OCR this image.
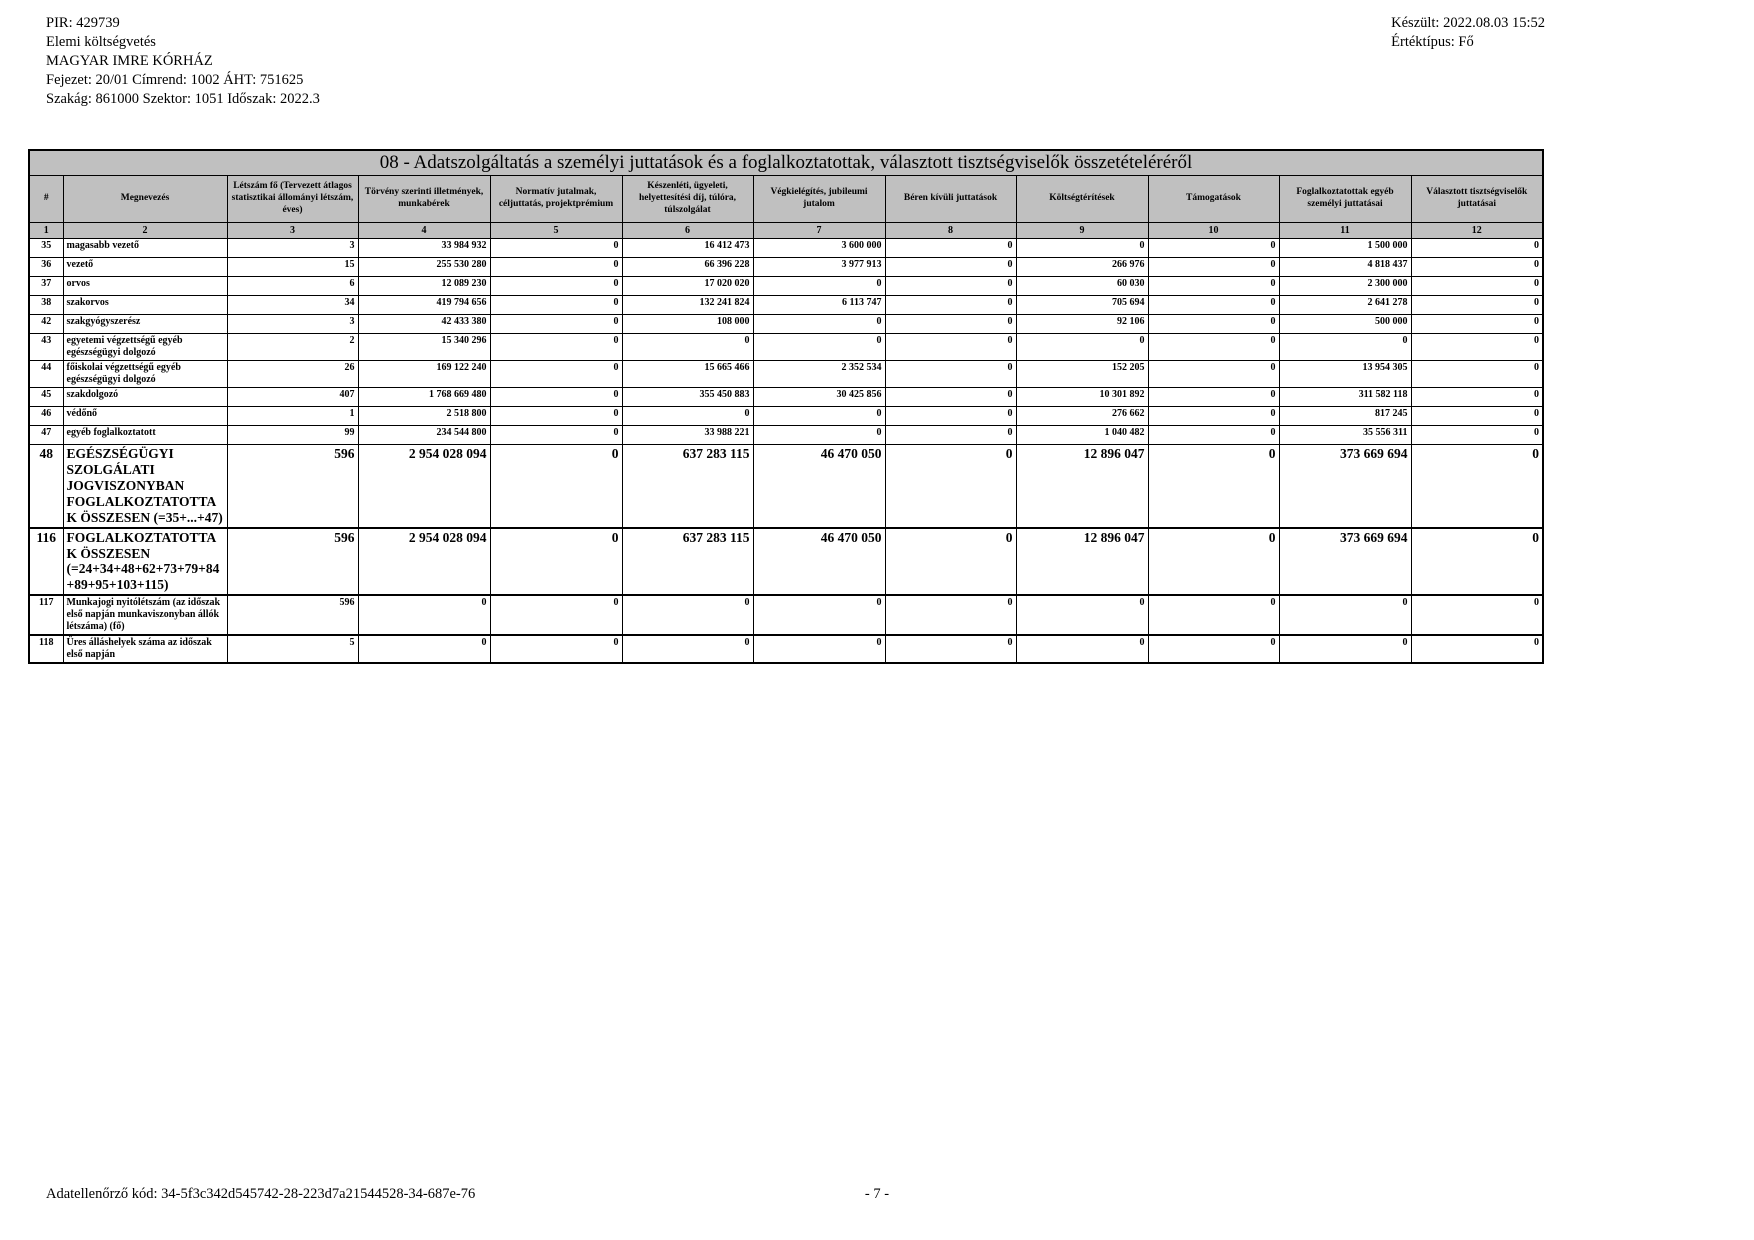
PIR: 429739
Elemi költségvetés
MAGYAR IMRE KÓRHÁZ
Fejezet: 20/01 Címrend: 1002 ÁHT: 751625
Szakág: 861000 Szektor: 1051 Időszak: 2022.3
Készült: 2022.08.03 15:52
Értéktípus: Fő
08 - Adatszolgáltatás a személyi juttatások és a foglalkoztatottak, választott tisztségviselők összetételéréről											
#	Megnevezés	Létszám fő (Tervezett átlagos statisztikai állományi létszám, éves)	Törvény szerinti illetmények, munkabérek	Normatív jutalmak, céljuttatás, projektprémium	Készenléti, ügyeleti, helyettesítési díj, túlóra, túlszolgálat	Végkielégítés, jubileumi jutalom	Béren kívüli juttatások	Költségtérítések	Támogatások	Foglalkoztatottak egyéb személyi juttatásai	Választott tisztségviselők juttatásai
1	2	3	4	5	6	7	8	9	10	11	12
35	magasabb vezető	3	33 984 932	0	16 412 473	3 600 000	0	0	0	1 500 000	0
36	vezető	15	255 530 280	0	66 396 228	3 977 913	0	266 976	0	4 818 437	0
37	orvos	6	12 089 230	0	17 020 020	0	0	60 030	0	2 300 000	0
38	szakorvos	34	419 794 656	0	132 241 824	6 113 747	0	705 694	0	2 641 278	0
42	szakgyógyszerész	3	42 433 380	0	108 000	0	0	92 106	0	500 000	0
43	egyetemi végzettségű egyéb egészségügyi dolgozó	2	15 340 296	0	0	0	0	0	0	0	0
44	főiskolai végzettségű egyéb egészségügyi dolgozó	26	169 122 240	0	15 665 466	2 352 534	0	152 205	0	13 954 305	0
45	szakdolgozó	407	1 768 669 480	0	355 450 883	30 425 856	0	10 301 892	0	311 582 118	0
46	védőnő	1	2 518 800	0	0	0	0	276 662	0	817 245	0
47	egyéb foglalkoztatott	99	234 544 800	0	33 988 221	0	0	1 040 482	0	35 556 311	0
48	EGÉSZSÉGÜGYI SZOLGÁLATI JOGVISZONYBAN FOGLALKOZTATOTTAK ÖSSZESEN (=35+...+47)	596	2 954 028 094	0	637 283 115	46 470 050	0	12 896 047	0	373 669 694	0
116	FOGLALKOZTATOTTAK ÖSSZESEN (=24+34+48+62+73+79+84+89+95+103+115)	596	2 954 028 094	0	637 283 115	46 470 050	0	12 896 047	0	373 669 694	0
117	Munkajogi nyitólétszám (az időszak első napján munkaviszonyban állók létszáma) (fő)	596	0	0	0	0	0	0	0	0	0
118	Üres álláshelyek száma az időszak első napján	5	0	0	0	0	0	0	0	0	0
Adatellenőrző kód: 34-5f3c342d545742-28-223d7a21544528-34-687e-76	- 7 -
